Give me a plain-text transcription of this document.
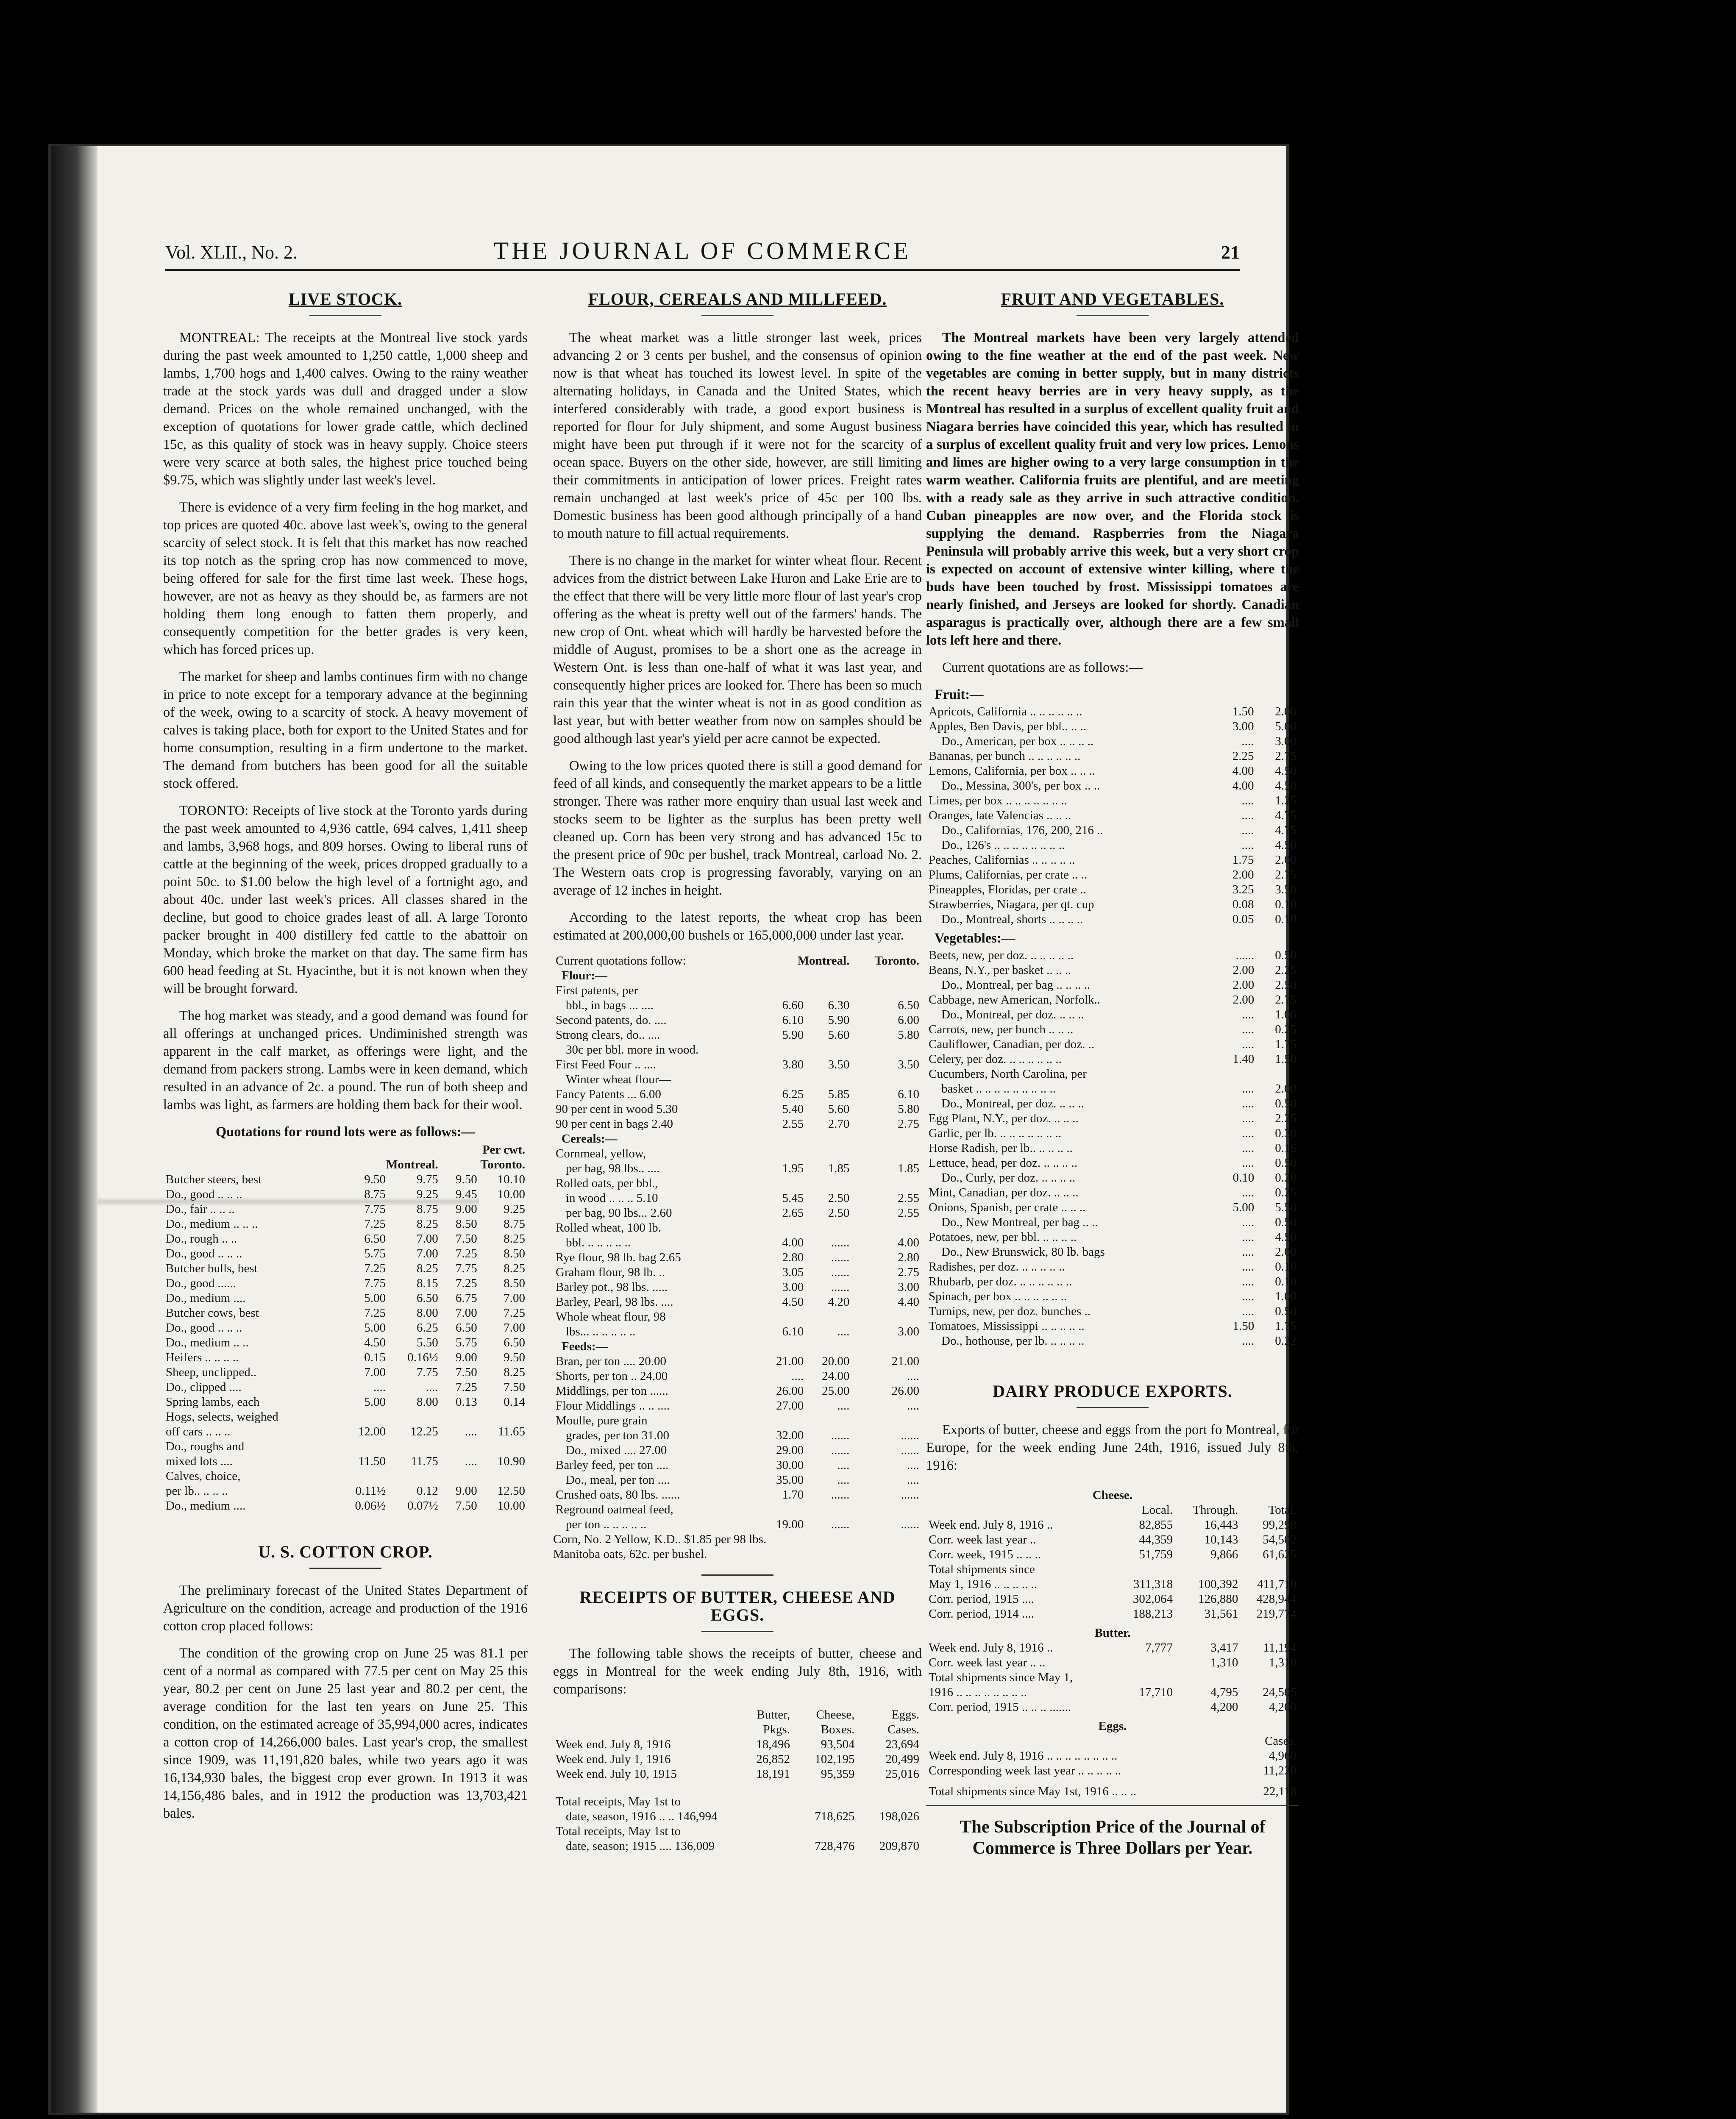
Vol. XLII., No. 2.	THE JOURNAL OF COMMERCE	21
LIVE STOCK.

MONTREAL: The receipts at the Montreal live stock yards during the past week amounted to 1,250 cattle, 1,000 sheep and lambs, 1,700 hogs and 1,400 calves. Owing to the rainy weather trade at the stock yards was dull and dragged under a slow demand. Prices on the whole remained unchanged, with the exception of quotations for lower grade cattle, which declined 15c, as this quality of stock was in heavy supply. Choice steers were very scarce at both sales, the highest price touched being $9.75, which was slightly under last week's level.

There is evidence of a very firm feeling in the hog market, and top prices are quoted 40c. above last week's, owing to the general scarcity of select stock. It is felt that this market has now reached its top notch as the spring crop has now commenced to move, being offered for sale for the first time last week. These hogs, however, are not as heavy as they should be, as farmers are not holding them long enough to fatten them properly, and consequently competition for the better grades is very keen, which has forced prices up.

The market for sheep and lambs continues firm with no change in price to note except for a temporary advance at the beginning of the week, owing to a scarcity of stock. A heavy movement of calves is taking place, both for export to the United States and for home consumption, resulting in a firm undertone to the market. The demand from butchers has been good for all the suitable stock offered.

TORONTO: Receipts of live stock at the Toronto yards during the past week amounted to 4,936 cattle, 694 calves, 1,411 sheep and lambs, 3,968 hogs, and 809 horses. Owing to liberal runs of cattle at the beginning of the week, prices dropped gradually to a point 50c. to $1.00 below the high level of a fortnight ago, and about 40c. under last week's prices. All classes shared in the decline, but good to choice grades least of all. A large Toronto packer brought in 400 distillery fed cattle to the abattoir on Monday, which broke the market on that day. The same firm has 600 head feeding at St. Hyacinthe, but it is not known when they will be brought forward.

The hog market was steady, and a good demand was found for all offerings at unchanged prices. Undiminished strength was apparent in the calf market, as offerings were light, and the demand from packers strong. Lambs were in keen demand, which resulted in an advance of 2c. a pound. The run of both sheep and lambs was light, as farmers are holding them back for their wool.

Quotations for round lots were as follows:—
			Per cwt.	
	Montreal.		Toronto.	
Butcher steers, best	9.50	9.75	9.50	10.10
Do., good .. .. ..	8.75	9.25	9.45	10.00
Do., fair .. .. ..	7.75	8.75	9.00	9.25
Do., medium .. .. ..	7.25	8.25	8.50	8.75
Do., rough .. ..	6.50	7.00	7.50	8.25
Do., good .. .. ..	5.75	7.00	7.25	8.50
Butcher bulls, best	7.25	8.25	7.75	8.25
Do., good ......	7.75	8.15	7.25	8.50
Do., medium ....	5.00	6.50	6.75	7.00
Butcher cows, best	7.25	8.00	7.00	7.25
Do., good .. .. ..	5.00	6.25	6.50	7.00
Do., medium .. ..	4.50	5.50	5.75	6.50
Heifers .. .. .. ..	0.15	0.16½	9.00	9.50
Sheep, unclipped..	7.00	7.75	7.50	8.25
Do., clipped ....	....	....	7.25	7.50
Spring lambs, each	5.00	8.00	0.13	0.14
Hogs, selects, weighed				
off cars .. .. ..	12.00	12.25	....	11.65
Do., roughs and				
mixed lots ....	11.50	11.75	....	10.90
Calves, choice,				
per lb.. .. .. ..	0.11½	0.12	9.00	12.50
Do., medium ....	0.06½	0.07½	7.50	10.00
U. S. COTTON CROP.

The preliminary forecast of the United States Department of Agriculture on the condition, acreage and production of the 1916 cotton crop placed follows:

The condition of the growing crop on June 25 was 81.1 per cent of a normal as compared with 77.5 per cent on May 25 this year, 80.2 per cent on June 25 last year and 80.2 per cent, the average condition for the last ten years on June 25. This condition, on the estimated acreage of 35,994,000 acres, indicates a cotton crop of 14,266,000 bales. Last year's crop, the smallest since 1909, was 11,191,820 bales, while two years ago it was 16,134,930 bales, the biggest crop ever grown. In 1913 it was 14,156,486 bales, and in 1912 the production was 13,703,421 bales.

FLOUR, CEREALS AND MILLFEED.

The wheat market was a little stronger last week, prices advancing 2 or 3 cents per bushel, and the consensus of opinion now is that wheat has touched its lowest level. In spite of the alternating holidays, in Canada and the United States, which interfered considerably with trade, a good export business is reported for flour for July shipment, and some August business might have been put through if it were not for the scarcity of ocean space. Buyers on the other side, however, are still limiting their commitments in anticipation of lower prices. Freight rates remain unchanged at last week's price of 45c per 100 lbs. Domestic business has been good although principally of a hand to mouth nature to fill actual requirements.

There is no change in the market for winter wheat flour. Recent advices from the district between Lake Huron and Lake Erie are to the effect that there will be very little more flour of last year's crop offering as the wheat is pretty well out of the farmers' hands. The new crop of Ont. wheat which will hardly be harvested before the middle of August, promises to be a short one as the acreage in Western Ont. is less than one-half of what it was last year, and consequently higher prices are looked for. There has been so much rain this year that the winter wheat is not in as good condition as last year, but with better weather from now on samples should be good although last year's yield per acre cannot be expected.

Owing to the low prices quoted there is still a good demand for feed of all kinds, and consequently the market appears to be a little stronger. There was rather more enquiry than usual last week and stocks seem to be lighter as the surplus has been pretty well cleaned up. Corn has been very strong and has advanced 15c to the present price of 90c per bushel, track Montreal, carload No. 2. The Western oats crop is progressing favorably, varying on an average of 12 inches in height.

According to the latest reports, the wheat crop has been estimated at 200,000,00 bushels or 165,000,000 under last year.

Current quotations follow:	Montreal.		Toronto.
Flour:—			
First patents, per			
bbl., in bags ... ....	6.60	6.30	6.50
Second patents, do. ....	6.10	5.90	6.00
Strong clears, do.. ....	5.90	5.60	5.80
30c per bbl. more in wood.			
First Feed Four .. ....	3.80	3.50	3.50
Winter wheat flour—			
Fancy Patents ... 6.00	6.25	5.85	6.10
90 per cent in wood 5.30	5.40	5.60	5.80
90 per cent in bags 2.40	2.55	2.70	2.75
Cereals:—			
Cornmeal, yellow,			
per bag, 98 lbs.. ....	1.95	1.85	1.85
Rolled oats, per bbl.,			
in wood .. .. .. 5.10	5.45	2.50	2.55
per bag, 90 lbs... 2.60	2.65	2.50	2.55
Rolled wheat, 100 lb.			
bbl. .. .. .. .. ..	4.00	......	4.00
Rye flour, 98 lb. bag 2.65	2.80	......	2.80
Graham flour, 98 lb. ..	3.05	......	2.75
Barley pot., 98 lbs. .....	3.00	......	3.00
Barley, Pearl, 98 lbs. ....	4.50	4.20	4.40
Whole wheat flour, 98			
lbs... .. .. .. .. ..	6.10	....	3.00
Feeds:—			
Bran, per ton .... 20.00	21.00	20.00	21.00
Shorts, per ton .. 24.00	....	24.00	....
Middlings, per ton ......	26.00	25.00	26.00
Flour Middlings .. .. ....	27.00	....	....
Moulle, pure grain			
grades, per ton 31.00	32.00	......	......
Do., mixed .... 27.00	29.00	......	......
Barley feed, per ton ....	30.00	....	....
Do., meal, per ton ....	35.00	....	....
Crushed oats, 80 lbs. ......	1.70	......	......
Reground oatmeal feed,			
per ton .. .. .. .. ..	19.00	......	......
Corn, No. 2 Yellow, K.D.. $1.85 per 98 lbs.
Manitoba oats, 62c. per bushel.
RECEIPTS OF BUTTER, CHEESE AND EGGS.

The following table shows the receipts of butter, cheese and eggs in Montreal for the week ending July 8th, 1916, with comparisons:

	Butter,	Cheese,	Eggs.
	Pkgs.	Boxes.	Cases.
Week end. July 8, 1916	18,496	93,504	23,694
Week end. July 1, 1916	26,852	102,195	20,499
Week end. July 10, 1915	18,191	95,359	25,016

Total receipts, May 1st to			
date, season, 1916 .. .. 146,994		718,625	198,026
Total receipts, May 1st to			
date, season; 1915 .... 136,009		728,476	209,870
FRUIT AND VEGETABLES.

The Montreal markets have been very largely attended owing to the fine weather at the end of the past week. New vegetables are coming in better supply, but in many districts the recent heavy berries are in very heavy supply, as the Montreal has resulted in a surplus of excellent quality fruit and Niagara berries have coincided this year, which has resulted in a surplus of excellent quality fruit and very low prices. Lemons and limes are higher owing to a very large consumption in the warm weather. California fruits are plentiful, and are meeting with a ready sale as they arrive in such attractive condition. Cuban pineapples are now over, and the Florida stock is supplying the demand. Raspberries from the Niagara Peninsula will probably arrive this week, but a very short crop is expected on account of extensive winter killing, where the buds have been touched by frost. Mississippi tomatoes are nearly finished, and Jerseys are looked for shortly. Canadian asparagus is practically over, although there are a few small lots left here and there.

Current quotations are as follows:—

Fruit:—
Apricots, California .. .. .. .. .. ..	1.50	2.00
Apples, Ben Davis, per bbl.. .. ..	3.00	5.00
Do., American, per box .. .. .. ..	....	3.00
Bananas, per bunch .. .. .. .. .. ..	2.25	2.75
Lemons, California, per box .. .. ..	4.00	4.50
Do., Messina, 300's, per box .. ..	4.00	4.50
Limes, per box .. .. .. .. .. .. ..	....	1.25
Oranges, late Valencias .. .. ..	....	4.75
Do., Californias, 176, 200, 216 ..	....	4.75
Do., 126's .. .. .. .. .. .. .. ..	....	4.50
Peaches, Californias .. .. .. .. ..	1.75	2.00
Plums, Californias, per crate .. ..	2.00	2.75
Pineapples, Floridas, per crate ..	3.25	3.50
Strawberries, Niagara, per qt. cup	0.08	0.10
Do., Montreal, shorts .. .. .. ..	0.05	0.10
Vegetables:—
Beets, new, per doz. .. .. .. .. ..	......	0.50
Beans, N.Y., per basket .. .. ..	2.00	2.25
Do., Montreal, per bag .. .. .. ..	2.00	2.50
Cabbage, new American, Norfolk..	2.00	2.75
Do., Montreal, per doz. .. .. ..	....	1.00
Carrots, new, per bunch .. .. ..	....	0.25
Cauliflower, Canadian, per doz. ..	....	1.75
Celery, per doz. .. .. .. .. .. ..	1.40	1.50
Cucumbers, North Carolina, per		
basket .. .. .. .. .. .. .. .. ..	....	2.00
Do., Montreal, per doz. .. .. ..	....	0.50
Egg Plant, N.Y., per doz. .. .. ..	....	2.25
Garlic, per lb. .. .. .. .. .. .. ..	....	0.30
Horse Radish, per lb.. .. .. .. ..	....	0.16
Lettuce, head, per doz. .. .. .. ..	....	0.50
Do., Curly, per doz. .. .. .. ..	0.10	0.20
Mint, Canadian, per doz. .. .. ..	....	0.25
Onions, Spanish, per crate .. .. ..	5.00	5.50
Do., New Montreal, per bag .. ..	....	0.50
Potatoes, new, per bbl. .. .. .. ..	....	4.50
Do., New Brunswick, 80 lb. bags	....	2.00
Radishes, per doz. .. .. .. .. ..	....	0.10
Rhubarb, per doz. .. .. .. .. .. ..	....	0.10
Spinach, per box .. .. .. .. .. ..	....	1.00
Turnips, new, per doz. bunches ..	....	0.50
Tomatoes, Mississippi .. .. .. .. ..	1.50	1.75
Do., hothouse, per lb. .. .. .. ..	....	0.22
DAIRY PRODUCE EXPORTS.

Exports of butter, cheese and eggs from the port fo Montreal, for Europe, for the week ending June 24th, 1916, issued July 8th, 1916:

Cheese.			
	Local.	Through.	Total.
Week end. July 8, 1916 ..	82,855	16,443	99,298
Corr. week last year ..	44,359	10,143	54,502
Corr. week, 1915 .. .. ..	51,759	9,866	61,625
Total shipments since			
May 1, 1916 .. .. .. .. ..	311,318	100,392	411,710
Corr. period, 1915 ....	302,064	126,880	428,944
Corr. period, 1914 ....	188,213	31,561	219,774
Butter.			
Week end. July 8, 1916 ..	7,777	3,417	11,194
Corr. week last year .. ..		1,310	1,310
Total shipments since May 1,			
1916 .. .. .. .. .. .. .. ..	17,710	4,795	24,505
Corr. period, 1915 .. .. .. .......		4,200	4,200
Eggs.			
			Cases.
Week end. July 8, 1916 .. .. .. .. .. .. .. ..			4,960
Corresponding week last year .. .. .. .. ..			11,220
Total shipments since May 1st, 1916 .. .. ..			22,118
The Subscription Price of the Journal of Commerce is Three Dollars per Year.
